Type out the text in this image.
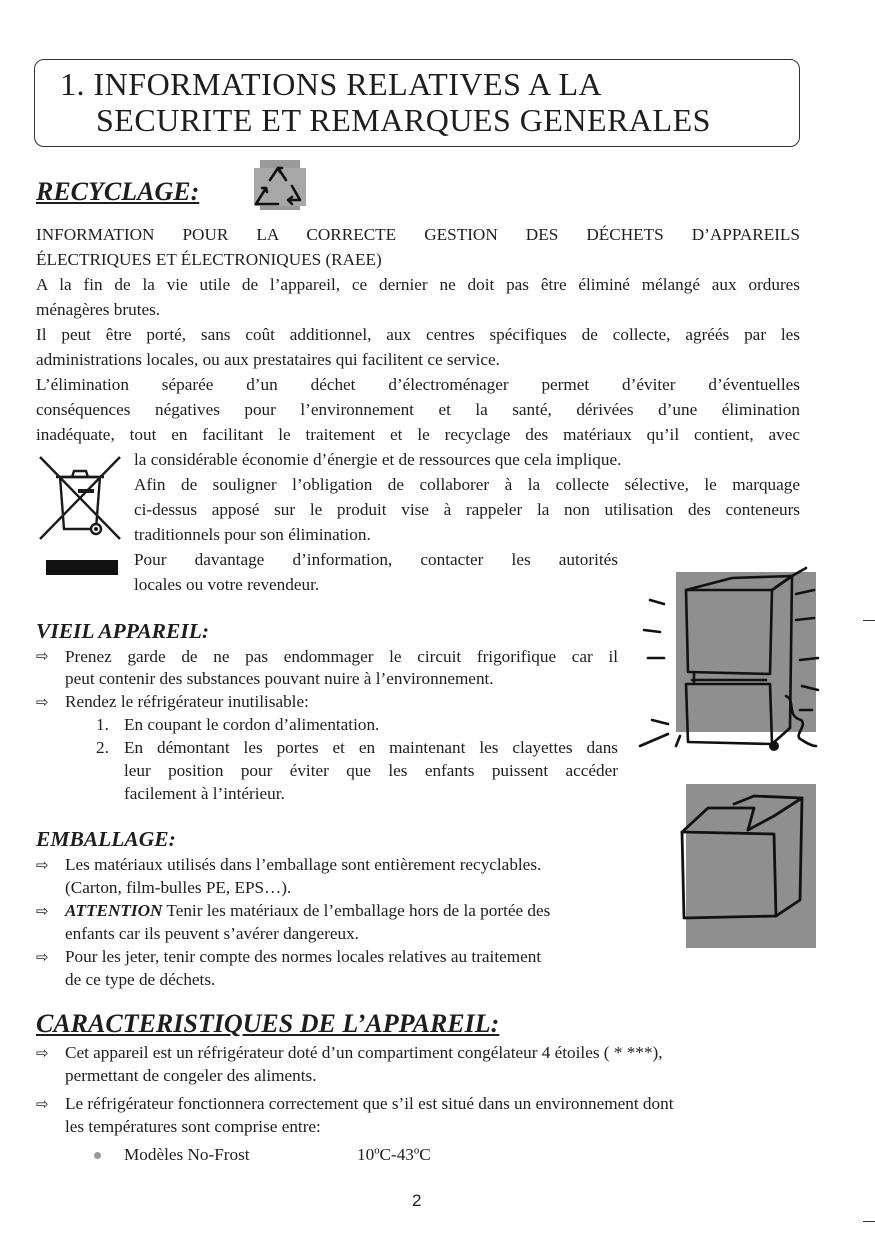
1. INFORMATIONS RELATIVES A LA
SECURITE ET REMARQUES GENERALES
RECYCLAGE:
INFORMATION POUR LA CORRECTE GESTION DES DÉCHETS D’APPAREILS
ÉLECTRIQUES ET ÉLECTRONIQUES (RAEE)
A la fin de la vie utile de l’appareil, ce dernier ne doit pas être éliminé mélangé aux ordures
ménagères brutes.
Il peut être porté, sans coût additionnel, aux centres spécifiques de collecte, agréés par les
administrations locales, ou aux prestataires qui facilitent ce service.
L’élimination séparée d’un déchet d’électroménager permet d’éviter d’éventuelles
conséquences négatives pour l’environnement et la santé, dérivées d’une élimination
inadéquate, tout en facilitant le traitement et le recyclage des matériaux qu’il contient, avec
la considérable économie d’énergie et de ressources que cela implique.
Afin de souligner l’obligation de collaborer à la collecte sélective, le marquage
ci-dessus apposé sur le produit vise à rappeler la non utilisation des conteneurs
traditionnels pour son élimination.
Pour davantage d’information, contacter les autorités
locales ou votre revendeur.
VIEIL APPAREIL:
⇨ Prenez garde de ne pas endommager le circuit frigorifique car il
peut contenir des substances pouvant nuire à l’environnement.
⇨ Rendez le réfrigérateur inutilisable:
1. En coupant le cordon d’alimentation.
2. En démontant les portes et en maintenant les clayettes dans
leur position pour éviter que les enfants puissent accéder
facilement à l’intérieur.
EMBALLAGE:
⇨ Les matériaux utilisés dans l’emballage sont entièrement recyclables.
(Carton, film-bulles PE, EPS…).
⇨ ATTENTION Tenir les matériaux de l’emballage hors de la portée des
enfants car ils peuvent s’avérer dangereux.
⇨ Pour les jeter, tenir compte des normes locales relatives au traitement
de ce type de déchets.
CARACTERISTIQUES DE L’APPAREIL:
⇨ Cet appareil est un réfrigérateur doté d’un compartiment congélateur 4 étoiles ( * ***),
permettant de congeler des aliments.
⇨ Le réfrigérateur fonctionnera correctement que s’il est situé dans un environnement dont
les températures sont comprise entre:
Modèles No-Frost	10ºC-43ºC
2
